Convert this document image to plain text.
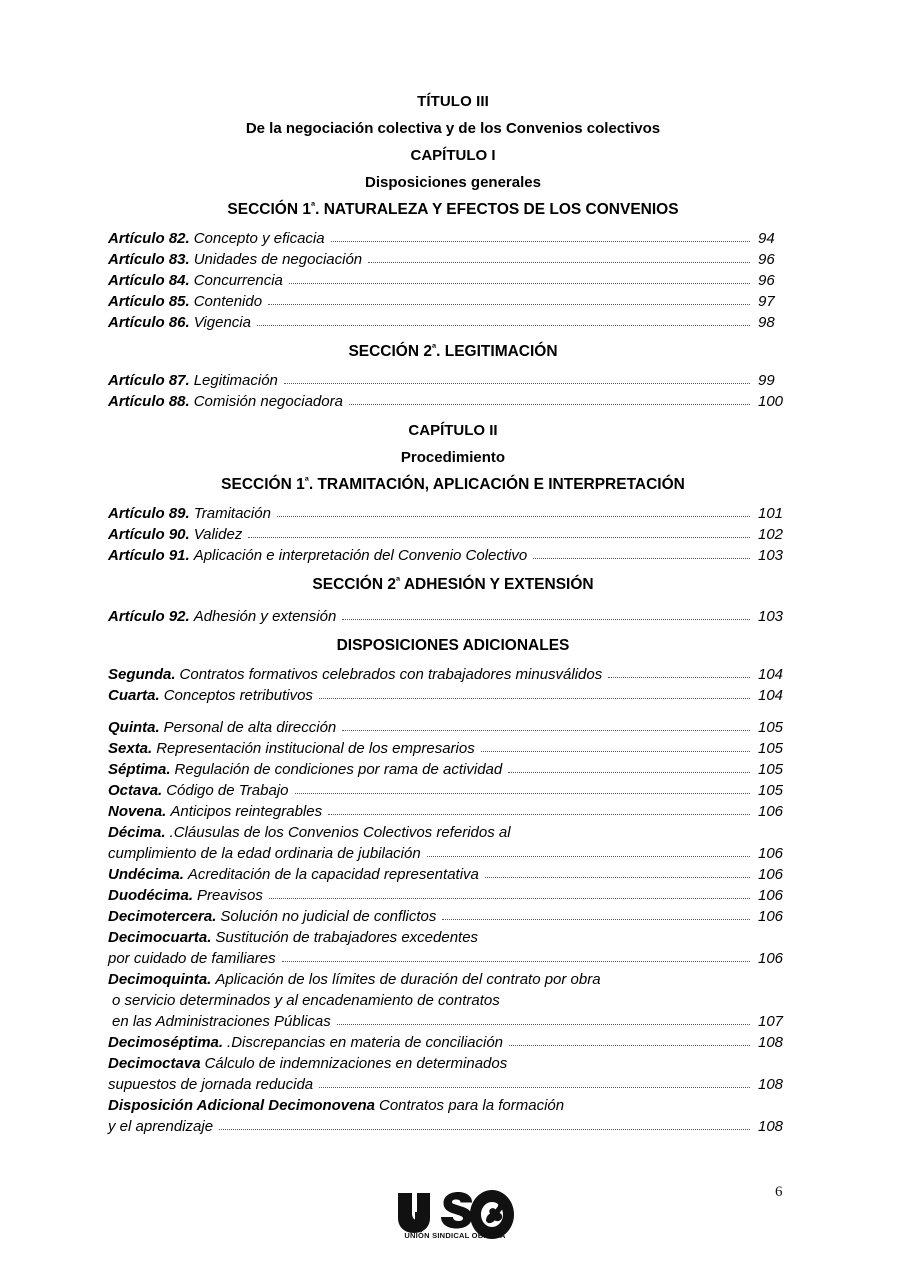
TÍTULO III
De la negociación colectiva y de los Convenios colectivos
CAPÍTULO I
Disposiciones generales
SECCIÓN $1^ª$. NATURALEZA Y EFECTOS DE LOS CONVENIOS
Artículo 82. Concepto y eficacia	94
Artículo 83. Unidades de negociación	96
Artículo 84. Concurrencia	96
Artículo 85. Contenido	97
Artículo 86. Vigencia	98
SECCIÓN $2^ª$. LEGITIMACIÓN
Artículo 87. Legitimación	99
Artículo 88. Comisión negociadora	100
CAPÍTULO II
Procedimiento
SECCIÓN $1^ª$. TRAMITACIÓN, APLICACIÓN E INTERPRETACIÓN
Artículo 89. Tramitación	101
Artículo 90. Validez	102
Artículo 91. Aplicación e interpretación del Convenio Colectivo	103
SECCIÓN $2^ª$ ADHESIÓN Y EXTENSIÓN
Artículo 92. Adhesión y extensión	103
DISPOSICIONES ADICIONALES
Segunda. Contratos formativos celebrados con trabajadores minusválidos	104
Cuarta. Conceptos retributivos	104
Quinta. Personal de alta dirección	105
Sexta. Representación institucional de los empresarios	105
Séptima. Regulación de condiciones por rama de actividad	105
Octava. Código de Trabajo	105
Novena. Anticipos reintegrables	106
Décima. .Cláusulas de los Convenios Colectivos referidos al
cumplimiento de la edad ordinaria de jubilación	106
Undécima. Acreditación de la capacidad representativa	106
Duodécima. Preavisos	106
Decimotercera. Solución no judicial de conflictos	106
Decimocuarta. Sustitución de trabajadores excedentes
por cuidado de familiares	106
Decimoquinta. Aplicación de los límites de duración del contrato por obra
o servicio determinados y al encadenamiento de contratos
en las Administraciones Públicas	107
Decimoséptima. .Discrepancias en materia de conciliación	108
Decimoctava Cálculo de indemnizaciones en determinados
supuestos de jornada reducida	108
Disposición Adicional Decimonovena Contratos para la formación
y el aprendizaje	108
UNIÓN SINDICAL OBRERA
6
